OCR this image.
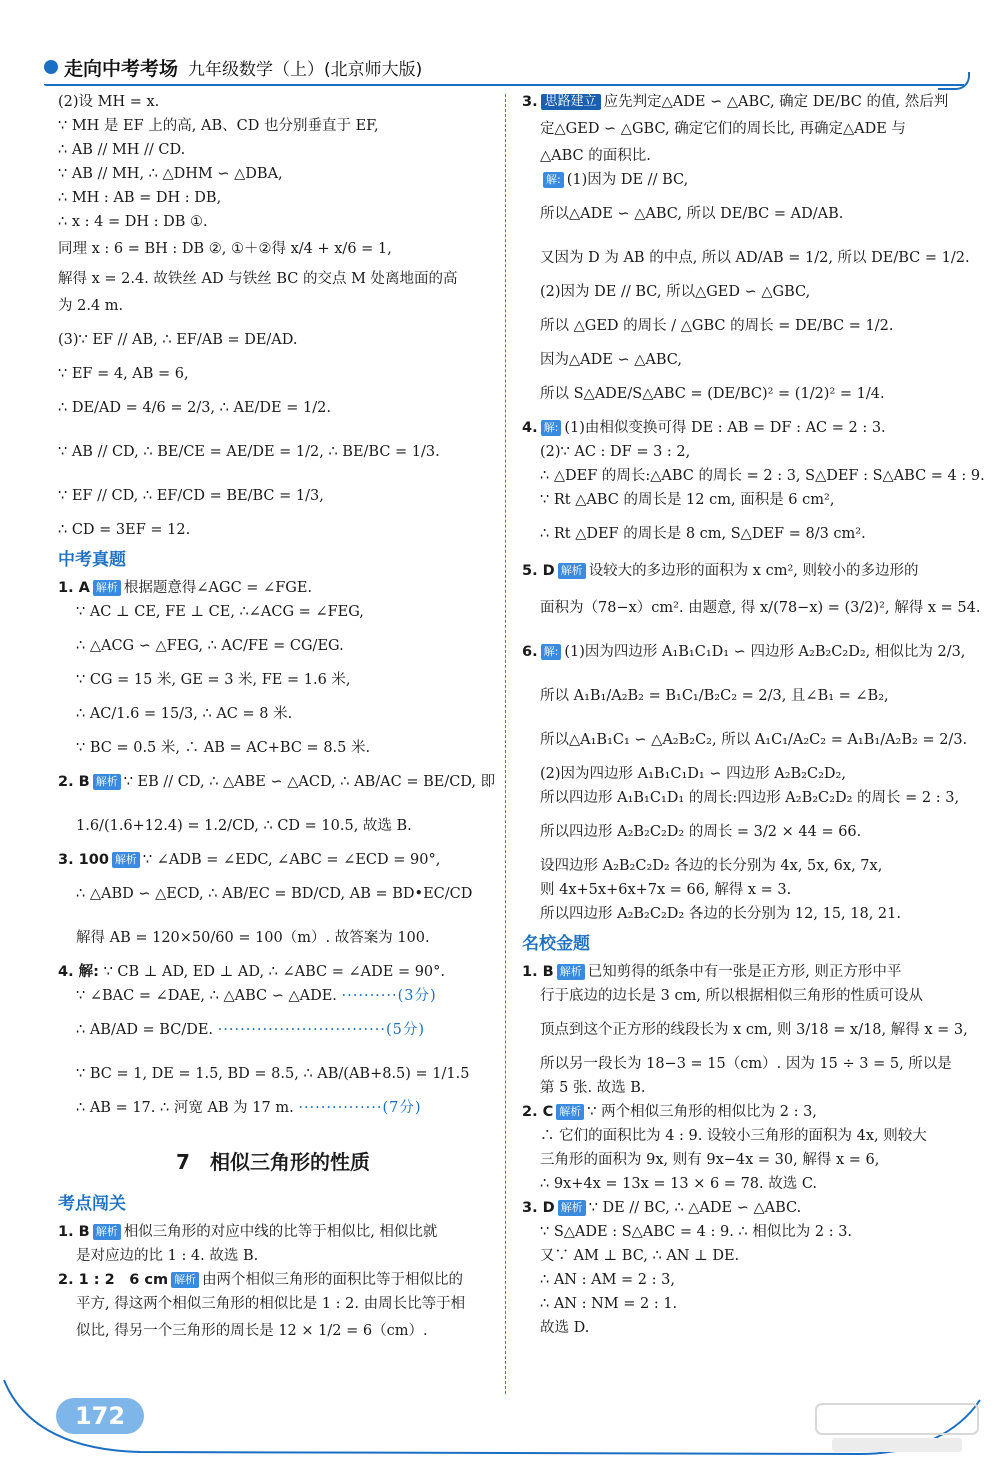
走向中考考场 九年级数学（上）(北京师大版)
(2)设 MH = x.
∵ MH 是 EF 上的高, AB、CD 也分别垂直于 EF,
∴ AB // MH // CD.
∵ AB // MH, ∴ △DHM ∽ △DBA,
∴ MH : AB = DH : DB,
∴ x : 4 = DH : DB ①.
同理 x : 6 = BH : DB ②, ①＋②得 x/4 + x/6 = 1,
解得 x = 2.4. 故铁丝 AD 与铁丝 BC 的交点 M 处离地面的高
为 2.4 m.
(3)∵ EF // AB, ∴ EF/AB = DE/AD.
∵ EF = 4, AB = 6,
∴ DE/AD = 4/6 = 2/3, ∴ AE/DE = 1/2.
∵ AB // CD, ∴ BE/CE = AE/DE = 1/2, ∴ BE/BC = 1/3.
∵ EF // CD, ∴ EF/CD = BE/BC = 1/3,
∴ CD = 3EF = 12.
中考真题
1. A 解析 根据题意得∠AGC = ∠FGE.
∵ AC ⊥ CE, FE ⊥ CE, ∴∠ACG = ∠FEG,
∴ △ACG ∽ △FEG, ∴ AC/FE = CG/EG.
∵ CG = 15 米, GE = 3 米, FE = 1.6 米,
∴ AC/1.6 = 15/3, ∴ AC = 8 米.
∵ BC = 0.5 米, ∴ AB = AC+BC = 8.5 米.
2. B 解析 ∵ EB // CD, ∴ △ABE ∽ △ACD, ∴ AB/AC = BE/CD, 即
1.6/(1.6+12.4) = 1.2/CD, ∴ CD = 10.5, 故选 B.
3. 100 解析 ∵ ∠ADB = ∠EDC, ∠ABC = ∠ECD = 90°,
∴ △ABD ∽ △ECD, ∴ AB/EC = BD/CD, AB = BD•EC/CD
解得 AB = 120×50/60 = 100（m）. 故答案为 100.
4. 解: ∵ CB ⊥ AD, ED ⊥ AD, ∴ ∠ABC = ∠ADE = 90°.
∵ ∠BAC = ∠DAE, ∴ △ABC ∽ △ADE. ··········(3分)
∴ AB/AD = BC/DE. ······························(5分)
∵ BC = 1, DE = 1.5, BD = 8.5, ∴ AB/(AB+8.5) = 1/1.5
∴ AB = 17. ∴ 河宽 AB 为 17 m. ···············(7分)
7　相似三角形的性质
考点闯关
1. B 解析 相似三角形的对应中线的比等于相似比, 相似比就
是对应边的比 1 : 4. 故选 B.
2. 1 : 2　6 cm 解析 由两个相似三角形的面积比等于相似比的
平方, 得这两个相似三角形的相似比是 1 : 2. 由周长比等于相
似比, 得另一个三角形的周长是 12 × 1/2 = 6（cm）.
3. 思路建立 应先判定△ADE ∽ △ABC, 确定 DE/BC 的值, 然后判
定△GED ∽ △GBC, 确定它们的周长比, 再确定△ADE 与
△ABC 的面积比.
解: (1)因为 DE // BC,
所以△ADE ∽ △ABC, 所以 DE/BC = AD/AB.
又因为 D 为 AB 的中点, 所以 AD/AB = 1/2, 所以 DE/BC = 1/2.
(2)因为 DE // BC, 所以△GED ∽ △GBC,
所以 △GED 的周长 / △GBC 的周长 = DE/BC = 1/2.
因为△ADE ∽ △ABC,
所以 S△ADE/S△ABC = (DE/BC)² = (1/2)² = 1/4.
4. 解: (1)由相似变换可得 DE : AB = DF : AC = 2 : 3.
(2)∵ AC : DF = 3 : 2,
∴ △DEF 的周长:△ABC 的周长 = 2 : 3, S△DEF : S△ABC = 4 : 9.
∵ Rt △ABC 的周长是 12 cm, 面积是 6 cm²,
∴ Rt △DEF 的周长是 8 cm, S△DEF = 8/3 cm².
5. D 解析 设较大的多边形的面积为 x cm², 则较小的多边形的
面积为（78−x）cm². 由题意, 得 x/(78−x) = (3/2)², 解得 x = 54.
6. 解: (1)因为四边形 A₁B₁C₁D₁ ∽ 四边形 A₂B₂C₂D₂, 相似比为 2/3,
所以 A₁B₁/A₂B₂ = B₁C₁/B₂C₂ = 2/3, 且∠B₁ = ∠B₂,
所以△A₁B₁C₁ ∽ △A₂B₂C₂, 所以 A₁C₁/A₂C₂ = A₁B₁/A₂B₂ = 2/3.
(2)因为四边形 A₁B₁C₁D₁ ∽ 四边形 A₂B₂C₂D₂,
所以四边形 A₁B₁C₁D₁ 的周长:四边形 A₂B₂C₂D₂ 的周长 = 2 : 3,
所以四边形 A₂B₂C₂D₂ 的周长 = 3/2 × 44 = 66.
设四边形 A₂B₂C₂D₂ 各边的长分别为 4x, 5x, 6x, 7x,
则 4x+5x+6x+7x = 66, 解得 x = 3.
所以四边形 A₂B₂C₂D₂ 各边的长分别为 12, 15, 18, 21.
名校金题
1. B 解析 已知剪得的纸条中有一张是正方形, 则正方形中平
行于底边的边长是 3 cm, 所以根据相似三角形的性质可设从
顶点到这个正方形的线段长为 x cm, 则 3/18 = x/18, 解得 x = 3,
所以另一段长为 18−3 = 15（cm）. 因为 15 ÷ 3 = 5, 所以是
第 5 张. 故选 B.
2. C 解析 ∵ 两个相似三角形的相似比为 2 : 3,
∴ 它们的面积比为 4 : 9. 设较小三角形的面积为 4x, 则较大
三角形的面积为 9x, 则有 9x−4x = 30, 解得 x = 6,
∴ 9x+4x = 13x = 13 × 6 = 78. 故选 C.
3. D 解析 ∵ DE // BC, ∴ △ADE ∽ △ABC.
∵ S△ADE : S△ABC = 4 : 9. ∴ 相似比为 2 : 3.
又∵ AM ⊥ BC, ∴ AN ⊥ DE.
∴ AN : AM = 2 : 3,
∴ AN : NM = 2 : 1.
故选 D.
172
